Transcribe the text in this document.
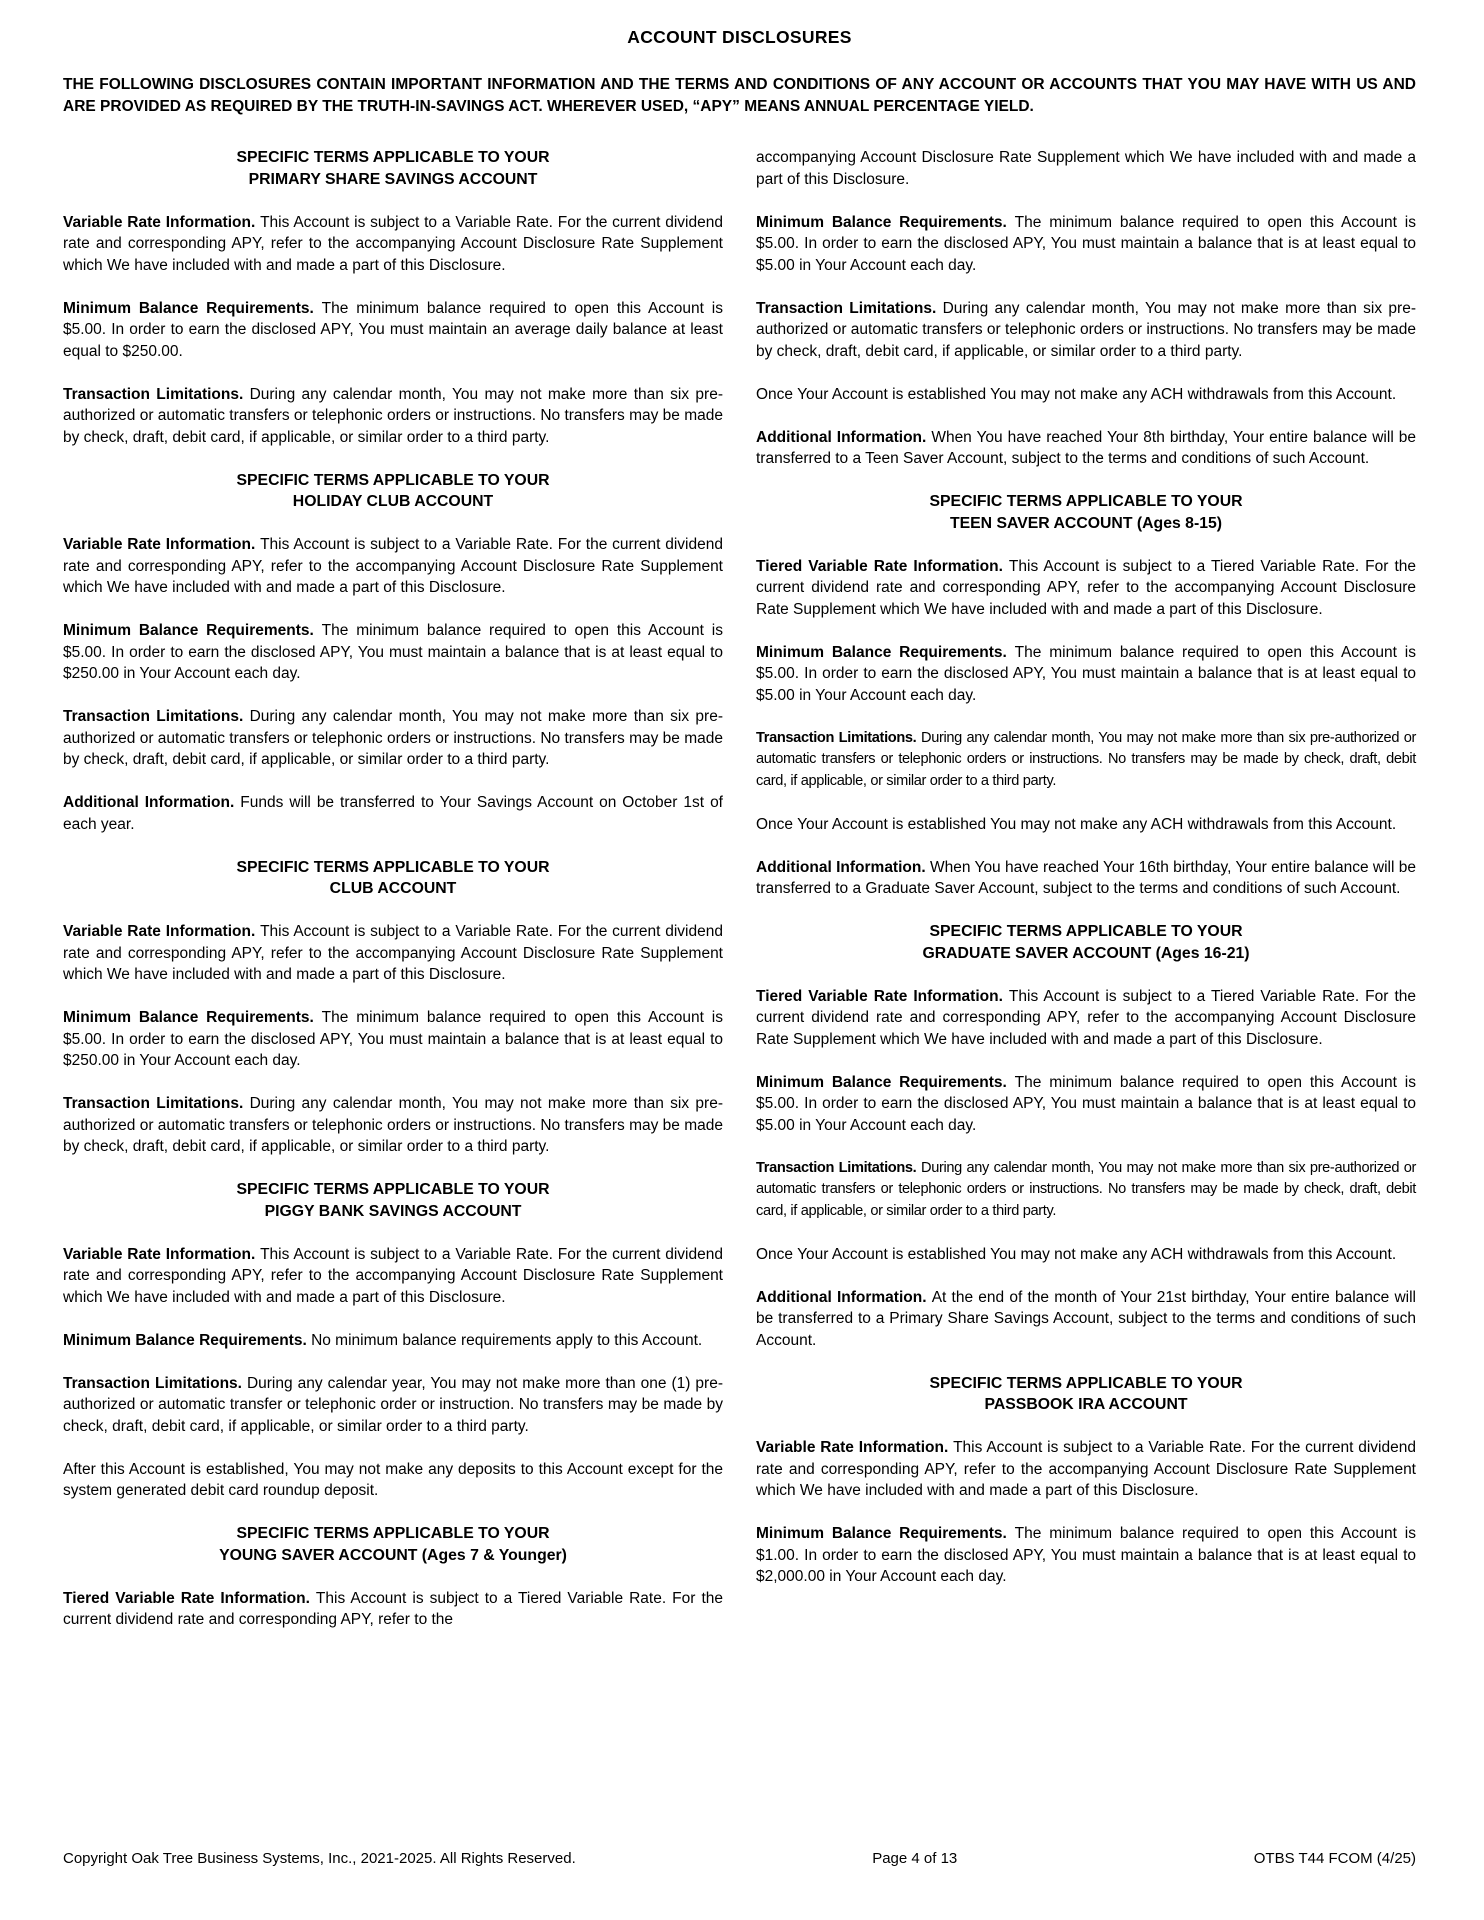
ACCOUNT DISCLOSURES

THE FOLLOWING DISCLOSURES CONTAIN IMPORTANT INFORMATION AND THE TERMS AND CONDITIONS OF ANY ACCOUNT OR ACCOUNTS THAT YOU MAY HAVE WITH US AND ARE PROVIDED AS REQUIRED BY THE TRUTH-IN-SAVINGS ACT. WHEREVER USED, “APY” MEANS ANNUAL PERCENTAGE YIELD.

SPECIFIC TERMS APPLICABLE TO YOUR
PRIMARY SHARE SAVINGS ACCOUNT

Variable Rate Information. This Account is subject to a Variable Rate. For the current dividend rate and corresponding APY, refer to the accompanying Account Disclosure Rate Supplement which We have included with and made a part of this Disclosure.

Minimum Balance Requirements. The minimum balance required to open this Account is $5.00. In order to earn the disclosed APY, You must maintain an average daily balance at least equal to $250.00.

Transaction Limitations. During any calendar month, You may not make more than six pre-authorized or automatic transfers or telephonic orders or instructions. No transfers may be made by check, draft, debit card, if applicable, or similar order to a third party.

SPECIFIC TERMS APPLICABLE TO YOUR
HOLIDAY CLUB ACCOUNT

Variable Rate Information. This Account is subject to a Variable Rate. For the current dividend rate and corresponding APY, refer to the accompanying Account Disclosure Rate Supplement which We have included with and made a part of this Disclosure.

Minimum Balance Requirements. The minimum balance required to open this Account is $5.00. In order to earn the disclosed APY, You must maintain a balance that is at least equal to $250.00 in Your Account each day.

Transaction Limitations. During any calendar month, You may not make more than six pre-authorized or automatic transfers or telephonic orders or instructions. No transfers may be made by check, draft, debit card, if applicable, or similar order to a third party.

Additional Information. Funds will be transferred to Your Savings Account on October 1st of each year.

SPECIFIC TERMS APPLICABLE TO YOUR
CLUB ACCOUNT

Variable Rate Information. This Account is subject to a Variable Rate. For the current dividend rate and corresponding APY, refer to the accompanying Account Disclosure Rate Supplement which We have included with and made a part of this Disclosure.

Minimum Balance Requirements. The minimum balance required to open this Account is $5.00. In order to earn the disclosed APY, You must maintain a balance that is at least equal to $250.00 in Your Account each day.

Transaction Limitations. During any calendar month, You may not make more than six pre-authorized or automatic transfers or telephonic orders or instructions. No transfers may be made by check, draft, debit card, if applicable, or similar order to a third party.

SPECIFIC TERMS APPLICABLE TO YOUR
PIGGY BANK SAVINGS ACCOUNT

Variable Rate Information. This Account is subject to a Variable Rate. For the current dividend rate and corresponding APY, refer to the accompanying Account Disclosure Rate Supplement which We have included with and made a part of this Disclosure.

Minimum Balance Requirements. No minimum balance requirements apply to this Account.

Transaction Limitations. During any calendar year, You may not make more than one (1) pre-authorized or automatic transfer or telephonic order or instruction. No transfers may be made by check, draft, debit card, if applicable, or similar order to a third party.

After this Account is established, You may not make any deposits to this Account except for the system generated debit card roundup deposit.

SPECIFIC TERMS APPLICABLE TO YOUR
YOUNG SAVER ACCOUNT (Ages 7 & Younger)

Tiered Variable Rate Information. This Account is subject to a Tiered Variable Rate. For the current dividend rate and corresponding APY, refer to the

accompanying Account Disclosure Rate Supplement which We have included with and made a part of this Disclosure.

Minimum Balance Requirements. The minimum balance required to open this Account is $5.00. In order to earn the disclosed APY, You must maintain a balance that is at least equal to $5.00 in Your Account each day.

Transaction Limitations. During any calendar month, You may not make more than six pre-authorized or automatic transfers or telephonic orders or instructions. No transfers may be made by check, draft, debit card, if applicable, or similar order to a third party.

Once Your Account is established You may not make any ACH withdrawals from this Account.

Additional Information. When You have reached Your 8th birthday, Your entire balance will be transferred to a Teen Saver Account, subject to the terms and conditions of such Account.

SPECIFIC TERMS APPLICABLE TO YOUR
TEEN SAVER ACCOUNT (Ages 8-15)

Tiered Variable Rate Information. This Account is subject to a Tiered Variable Rate. For the current dividend rate and corresponding APY, refer to the accompanying Account Disclosure Rate Supplement which We have included with and made a part of this Disclosure.

Minimum Balance Requirements. The minimum balance required to open this Account is $5.00. In order to earn the disclosed APY, You must maintain a balance that is at least equal to $5.00 in Your Account each day.

Transaction Limitations. During any calendar month, You may not make more than six pre-authorized or automatic transfers or telephonic orders or instructions. No transfers may be made by check, draft, debit card, if applicable, or similar order to a third party.

Once Your Account is established You may not make any ACH withdrawals from this Account.

Additional Information. When You have reached Your 16th birthday, Your entire balance will be transferred to a Graduate Saver Account, subject to the terms and conditions of such Account.

SPECIFIC TERMS APPLICABLE TO YOUR
GRADUATE SAVER ACCOUNT (Ages 16-21)

Tiered Variable Rate Information. This Account is subject to a Tiered Variable Rate. For the current dividend rate and corresponding APY, refer to the accompanying Account Disclosure Rate Supplement which We have included with and made a part of this Disclosure.

Minimum Balance Requirements. The minimum balance required to open this Account is $5.00. In order to earn the disclosed APY, You must maintain a balance that is at least equal to $5.00 in Your Account each day.

Transaction Limitations. During any calendar month, You may not make more than six pre-authorized or automatic transfers or telephonic orders or instructions. No transfers may be made by check, draft, debit card, if applicable, or similar order to a third party.

Once Your Account is established You may not make any ACH withdrawals from this Account.

Additional Information. At the end of the month of Your 21st birthday, Your entire balance will be transferred to a Primary Share Savings Account, subject to the terms and conditions of such Account.

SPECIFIC TERMS APPLICABLE TO YOUR
PASSBOOK IRA ACCOUNT

Variable Rate Information. This Account is subject to a Variable Rate. For the current dividend rate and corresponding APY, refer to the accompanying Account Disclosure Rate Supplement which We have included with and made a part of this Disclosure.

Minimum Balance Requirements. The minimum balance required to open this Account is $1.00. In order to earn the disclosed APY, You must maintain a balance that is at least equal to $2,000.00 in Your Account each day.

Copyright Oak Tree Business Systems, Inc., 2021-2025. All Rights Reserved.	Page 4 of 13	OTBS T44 FCOM (4/25)
